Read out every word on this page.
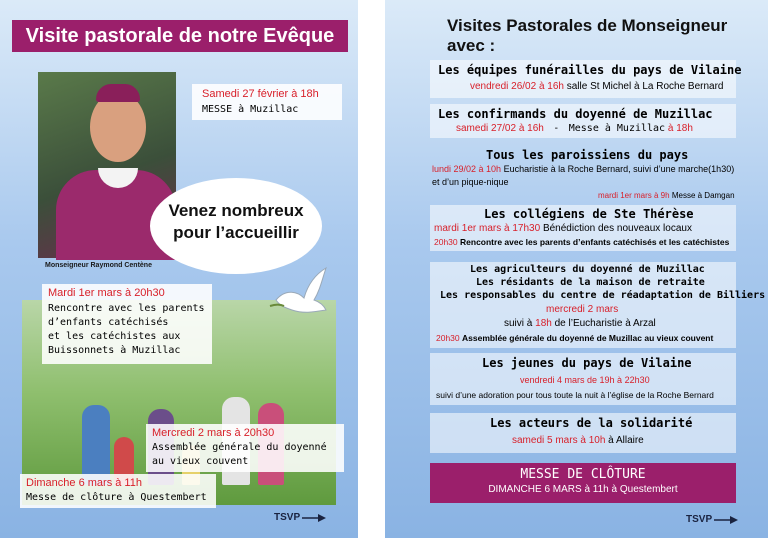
Visite pastorale de notre Evêque
Monseigneur Raymond Centène
Samedi 27 février à 18h
MESSE à Muzillac
Venez nombreux
pour l’accueillir
Mardi 1er mars à 20h30
Rencontre avec les parents
d’enfants catéchisés
et les catéchistes aux
Buissonnets à Muzillac
Mercredi 2 mars à 20h30
Assemblée générale du doyenné
au vieux couvent
Dimanche 6 mars à 11h
Messe de clôture à Questembert
TSVP
Visites Pastorales de Monseigneur
avec :
Les équipes funérailles du pays de Vilaine
vendredi 26/02 à 16h salle St Michel à La Roche Bernard
Les confirmands du doyenné de Muzillac
samedi 27/02 à 16h - Messe à Muzillac à 18h
Tous les paroissiens du pays
lundi 29/02 à 10h Eucharistie à la Roche Bernard, suivi d’une marche(1h30)
et d’un pique-nique
mardi 1er mars à 9h Messe à Damgan
Les collégiens de Ste Thérèse
mardi 1er mars à 17h30 Bénédiction des nouveaux locaux
20h30 Rencontre avec les parents d’enfants catéchisés et les catéchistes
Les agriculteurs du doyenné de Muzillac
Les résidants de la maison de retraite
Les responsables du centre de réadaptation de Billiers
mercredi 2 mars
suivi à 18h de l’Eucharistie à Arzal
20h30 Assemblée générale du doyenné de Muzillac au vieux couvent
Les jeunes du pays de Vilaine
vendredi 4 mars de 19h à 22h30
suivi d’une adoration pour tous toute la nuit à l’église de la Roche Bernard
Les acteurs de la solidarité
samedi 5 mars à 10h à Allaire
MESSE DE CLÔTURE
DIMANCHE 6 MARS à 11h à Questembert
TSVP
